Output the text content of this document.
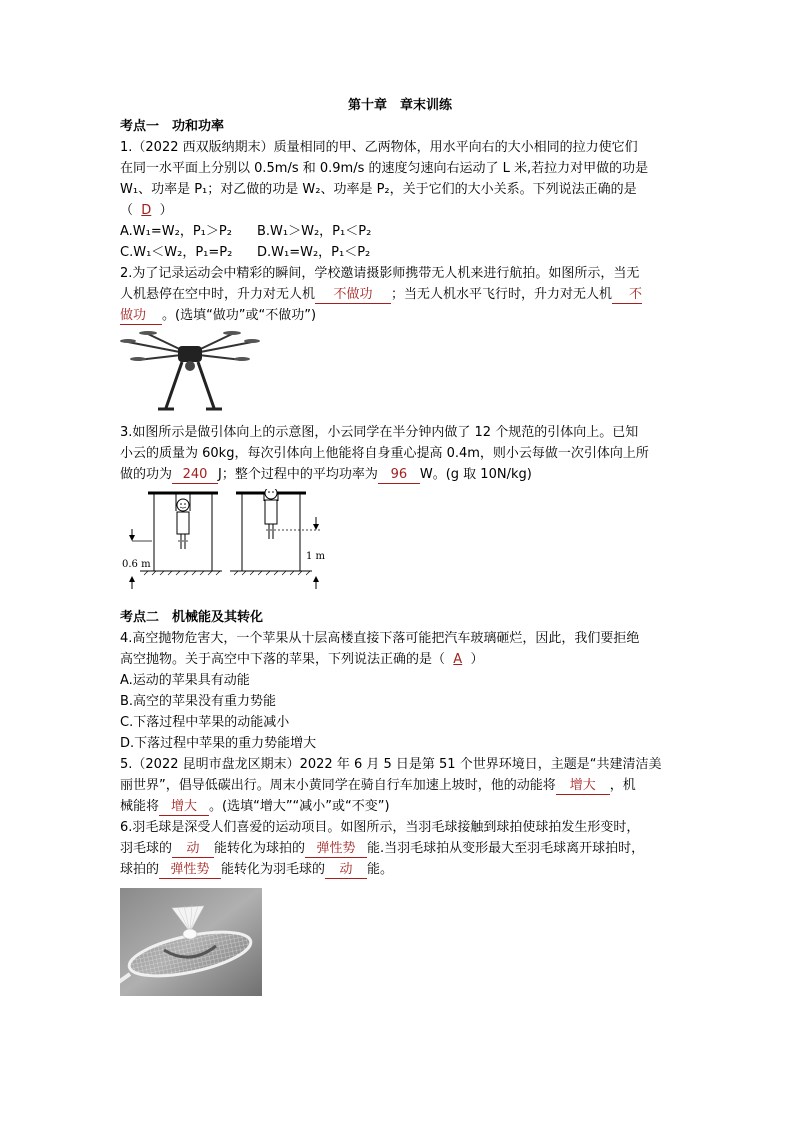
第十章　章末训练
考点一　功和功率
1.（2022 西双版纳期末）质量相同的甲、乙两物体，用水平向右的大小相同的拉力使它们
在同一水平面上分别以 0.5m/s 和 0.9m/s 的速度匀速向右运动了 L 米,若拉力对甲做的功是
W₁、功率是 P₁；对乙做的功是 W₂、功率是 P₂，关于它们的大小关系。下列说法正确的是
（ D ）
A.W₁=W₂，P₁＞P₂	B.W₁＞W₂，P₁＜P₂
C.W₁＜W₂，P₁=P₂	D.W₁=W₂，P₁＜P₂
2.为了记录运动会中精彩的瞬间，学校邀请摄影师携带无人机来进行航拍。如图所示，当无
人机悬停在空中时，升力对无人机 不做功 ；当无人机水平飞行时，升力对无人机 不
做功 。(选填“做功”或“不做功”)
3.如图所示是做引体向上的示意图，小云同学在半分钟内做了 12 个规范的引体向上。已知
小云的质量为 60kg，每次引体向上他能将自身重心提高 0.4m，则小云每做一次引体向上所
做的功为 240 J；整个过程中的平均功率为 96 W。(g 取 10N/kg)
0.6 m
1 m
考点二　机械能及其转化
4.高空抛物危害大，一个苹果从十层高楼直接下落可能把汽车玻璃砸烂，因此，我们要拒绝
高空抛物。关于高空中下落的苹果，下列说法正确的是（ A ）
A.运动的苹果具有动能
B.高空的苹果没有重力势能
C.下落过程中苹果的动能减小
D.下落过程中苹果的重力势能增大
5.（2022 昆明市盘龙区期末）2022 年 6 月 5 日是第 51 个世界环境日，主题是“共建清洁美
丽世界”，倡导低碳出行。周末小黄同学在骑自行车加速上坡时，他的动能将 增大 ，机
械能将 增大 。(选填“增大”“减小”或“不变”)
6.羽毛球是深受人们喜爱的运动项目。如图所示，当羽毛球接触到球拍使球拍发生形变时，
羽毛球的 动 能转化为球拍的 弹性势 能.当羽毛球拍从变形最大至羽毛球离开球拍时，
球拍的 弹性势 能转化为羽毛球的 动 能。
